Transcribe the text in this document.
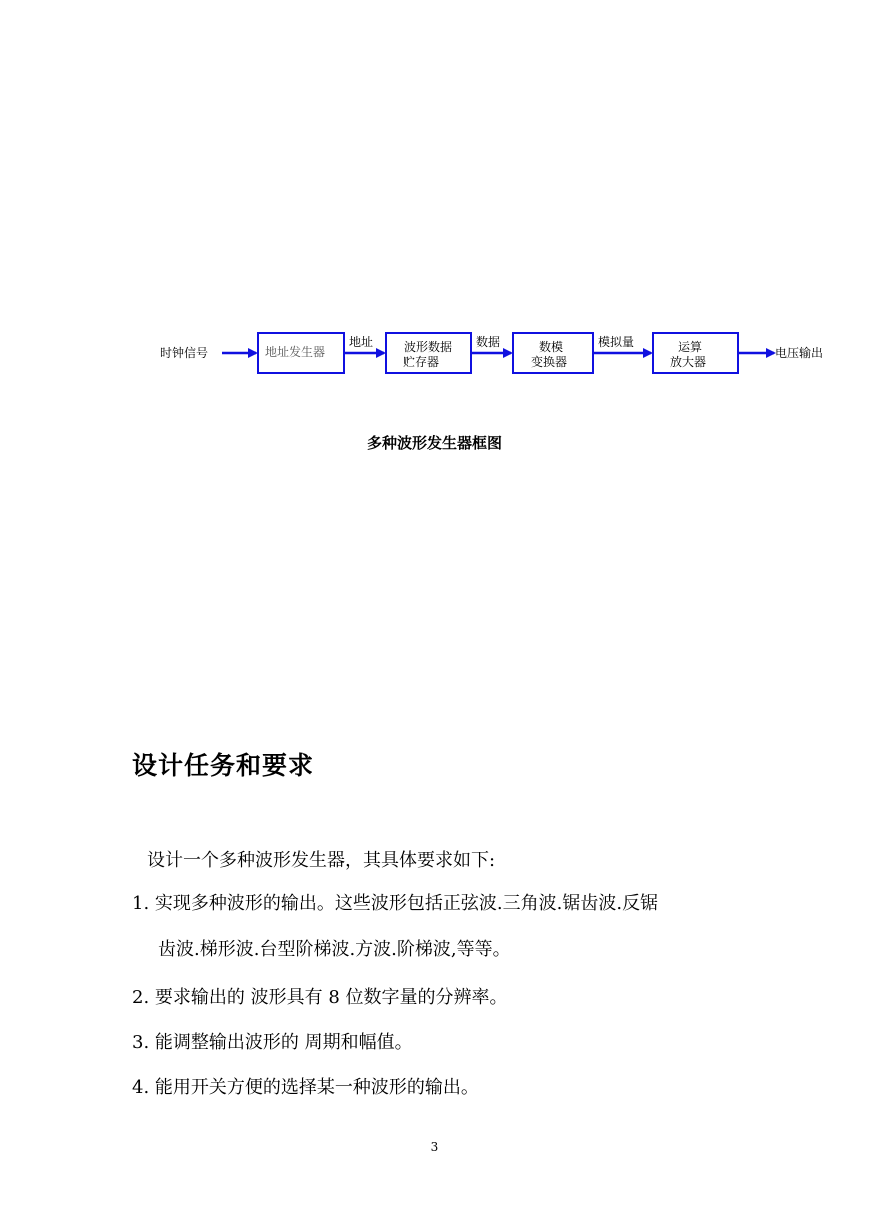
时钟信号	地址发生器
地址	波形数据
贮存器
数据	数模
变换器
模拟量	运算
放大器
电压输出
多种波形发生器框图
设计任务和要求
设计一个多种波形发生器，其具体要求如下:
1. 实现多种波形的输出。这些波形包括正弦波.三角波.锯齿波.反锯
齿波.梯形波.台型阶梯波.方波.阶梯波,等等。
2. 要求输出的 波形具有 8 位数字量的分辨率。
3. 能调整输出波形的 周期和幅值。
4. 能用开关方便的选择某一种波形的输出。
3
